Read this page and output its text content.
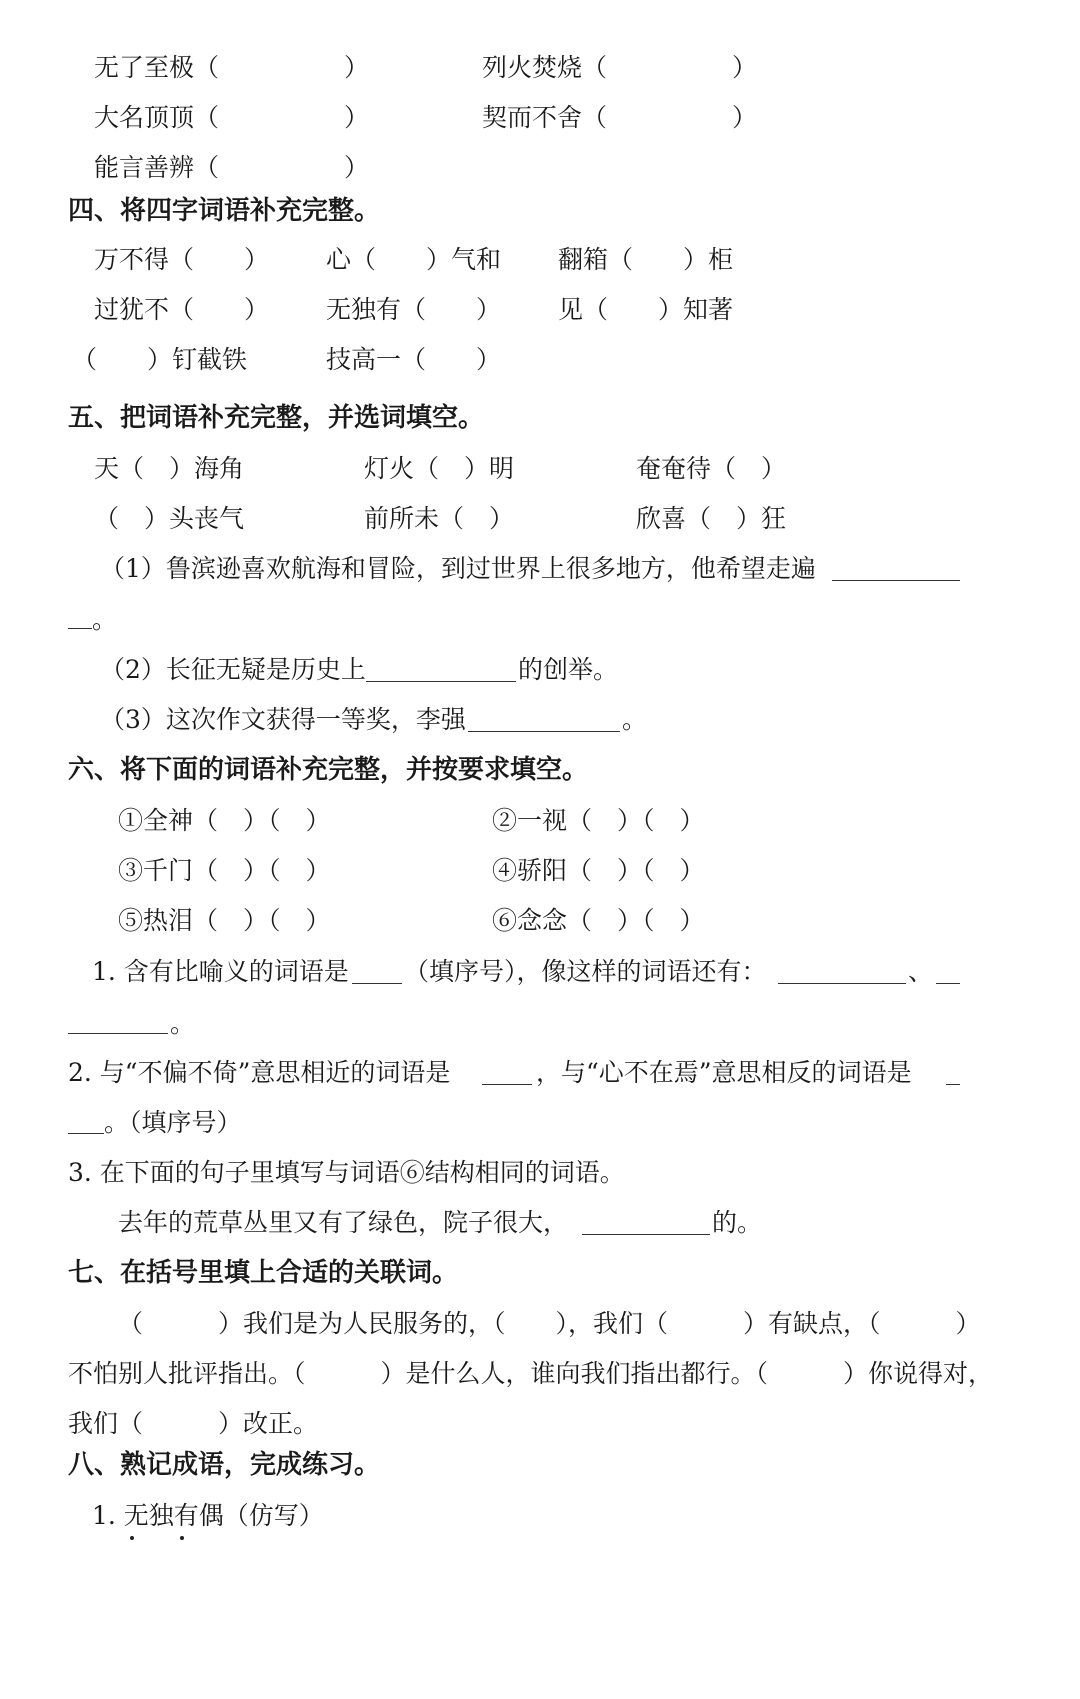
无了至极（　　　　　）	列火焚烧（　　　　　）
大名顶顶（　　　　　）	契而不舍（　　　　　）
能言善辨（　　　　　）
四、将四字词语补充完整。
万不得（　　） 心（　　）气和 翻箱（　　）柜
过犹不（　　） 无独有（　　） 见（　　）知著
（　　）钉截铁	技高一（　　）
五、把词语补充完整，并选词填空。
天（　）海角	灯火（　）明	奄奄待（　）
（　）头丧气	前所未（　）	欣喜（　）狂
（1）鲁滨逊喜欢航海和冒险，到过世界上很多地方，他希望走遍
。
（2）长征无疑是历史上	的创举。
（3）这次作文获得一等奖，李强	。
六、将下面的词语补充完整，并按要求填空。
①全神（　）（　）	②一视（　）（　）
③千门（　）（　）	④骄阳（　）（　）
⑤热泪（　）（　）	⑥念念（　）（　）
1. 含有比喻义的词语是 （填序号），像这样的词语还有：	、
。
2. 与“不偏不倚”意思相近的词语是	，与“心不在焉”意思相反的词语是
。（填序号）
3. 在下面的句子里填写与词语⑥结构相同的词语。
去年的荒草丛里又有了绿色，院子很大，	的。
七、在括号里填上合适的关联词。
（　　　）我们是为人民服务的，（　　），我们（　　　）有缺点，（　　　）
不怕别人批评指出。（　　　）是什么人，谁向我们指出都行。（　　　）你说得对，
我们（　　　）改正。
八、熟记成语，完成练习。
1. 无独有偶（仿写）
